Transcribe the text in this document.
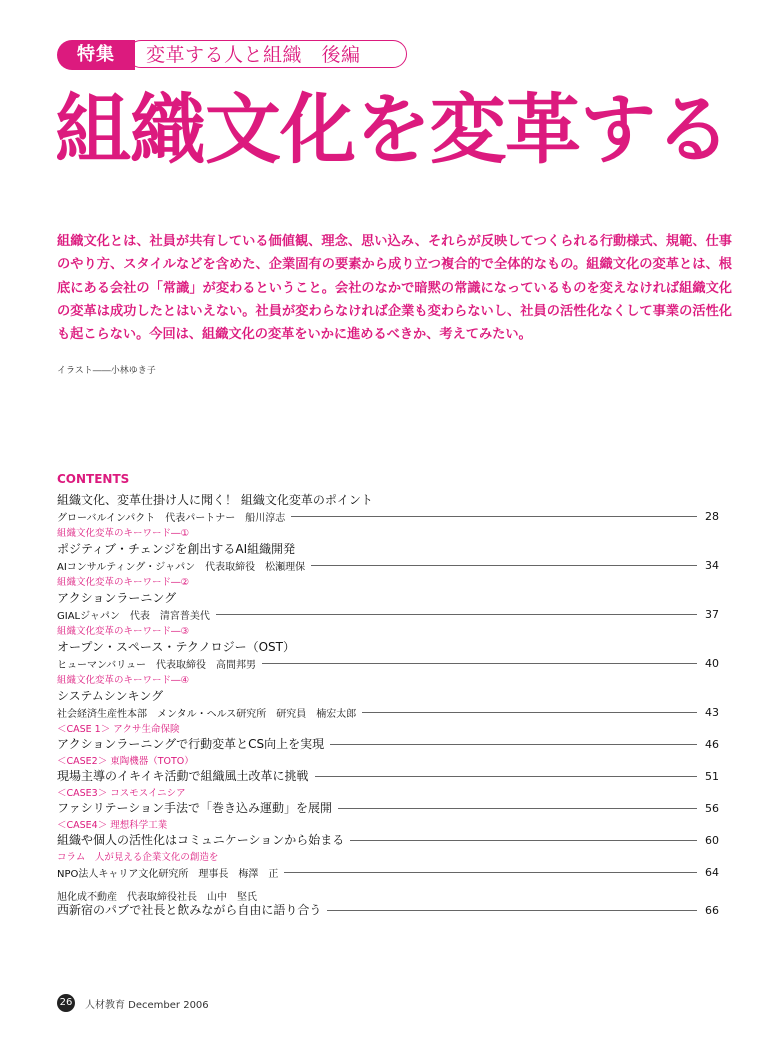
変革する人と組織　後編
特集
組織文化を変革する

組織文化とは、社員が共有している価値観、理念、思い込み、それらが反映してつくられる行動様式、規範、仕事のやり方、スタイルなどを含めた、企業固有の要素から成り立つ複合的で全体的なもの。組織文化の変革とは、根底にある会社の「常識」が変わるということ。会社のなかで暗黙の常識になっているものを変えなければ組織文化の変革は成功したとはいえない。社員が変わらなければ企業も変わらないし、社員の活性化なくして事業の活性化も起こらない。今回は、組織文化の変革をいかに進めるべきか、考えてみたい。

イラスト――小林ゆき子
CONTENTS
組織文化、変革仕掛け人に聞く！ 組織文化変革のポイント
グローバルインパクト　代表パートナー　船川淳志	28
組織文化変革のキーワード―①
ポジティブ・チェンジを創出するAI組織開発
AIコンサルティング・ジャパン　代表取締役　松瀬理保	34
組織文化変革のキーワード―②
アクションラーニング
GIALジャパン　代表　清宮普美代	37
組織文化変革のキーワード―③
オープン・スペース・テクノロジー（OST）
ヒューマンバリュー　代表取締役　高間邦男	40
組織文化変革のキーワード―④
システムシンキング
社会経済生産性本部　メンタル・ヘルス研究所　研究員　楠宏太郎	43
＜CASE 1＞ アクサ生命保険
アクションラーニングで行動変革とCS向上を実現	46
＜CASE2＞ 東陶機器（TOTO）
現場主導のイキイキ活動で組織風土改革に挑戦	51
＜CASE3＞ コスモスイニシア
ファシリテーション手法で「巻き込み運動」を展開	56
＜CASE4＞ 理想科学工業
組織や個人の活性化はコミュニケーションから始まる	60
コラム　人が見える企業文化の創造を
NPO法人キャリア文化研究所　理事長　梅澤　正	64
旭化成不動産　代表取締役社長　山中　堅氏
西新宿のパブで社長と飲みながら自由に語り合う	66
26 人材教育 December 2006
